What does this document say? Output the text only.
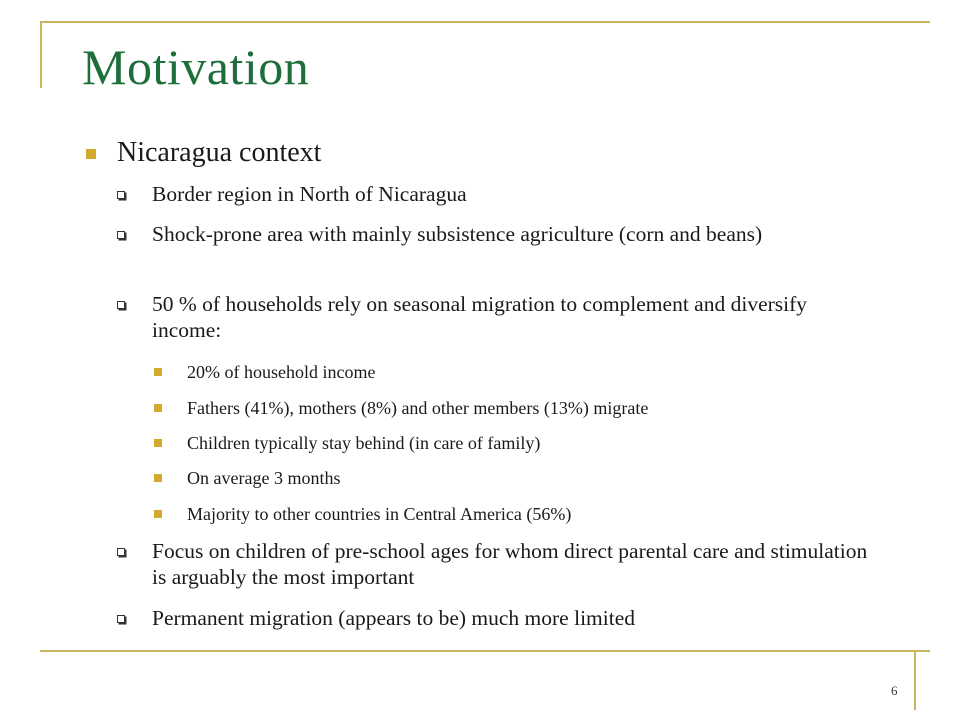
Motivation
Nicaragua context
Border region in North of Nicaragua
Shock-prone area with mainly subsistence agriculture (corn and beans)
50 % of households rely on seasonal migration to complement and diversify income:
20% of household income
Fathers (41%), mothers (8%) and other members (13%) migrate
Children typically stay behind (in care of family)
On average 3 months
Majority to other countries in Central America (56%)
Focus on children of pre-school ages for whom direct parental care and stimulation is arguably the most important
Permanent migration (appears to be) much more limited
6
